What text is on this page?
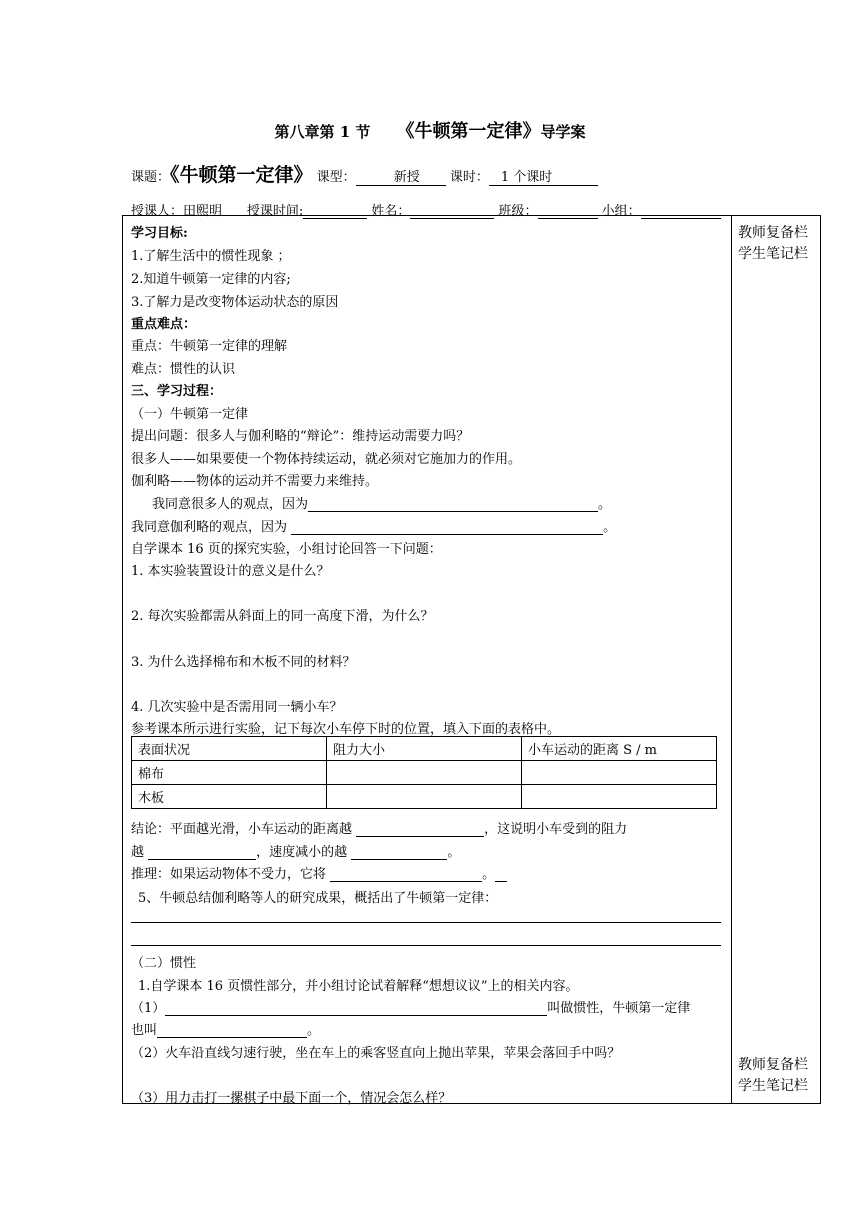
第八章第 1 节 《牛顿第一定律》导学案
课题：《牛顿第一定律》 课型：	新授 课时： 1 个课时
授课人：田熙明 授课时间:	姓名：	班级：	小组：
教师复备栏
学生笔记栏
教师复备栏
学生笔记栏
学习目标:
1.了解生活中的惯性现象 ；
2.知道牛顿第一定律的内容;
3.了解力是改变物体运动状态的原因
重点难点：
重点：牛顿第一定律的理解
难点：惯性的认识
三、学习过程：
（一）牛顿第一定律
提出问题：很多人与伽利略的“辩论”：维持运动需要力吗？
很多人——如果要使一个物体持续运动，就必须对它施加力的作用。
伽利略——物体的运动并不需要力来维持。
我同意很多人的观点，因为	。
我同意伽利略的观点，因为	。
自学课本 16 页的探究实验，小组讨论回答一下问题：
1. 本实验装置设计的意义是什么？
2. 每次实验都需从斜面上的同一高度下滑，为什么？
3. 为什么选择棉布和木板不同的材料？
4. 几次实验中是否需用同一辆小车？
参考课本所示进行实验，记下每次小车停下时的位置，填入下面的表格中。
表面状况	阻力大小	小车运动的距离 S / m
棉布		
木板		
结论：平面越光滑，小车运动的距离越	，这说明小车受到的阻力
越	，速度减小的越	。
推理：如果运动物体不受力，它将	。
5、牛顿总结伽利略等人的研究成果，概括出了牛顿第一定律：
（二）惯性
1.自学课本 16 页惯性部分，并小组讨论试着解释“想想议议”上的相关内容。
（1）	叫做惯性，牛顿第一定律
也叫	。
（2）火车沿直线匀速行驶，坐在车上的乘客竖直向上抛出苹果，苹果会落回手中吗？
（3）用力击打一摞棋子中最下面一个，情况会怎么样？
